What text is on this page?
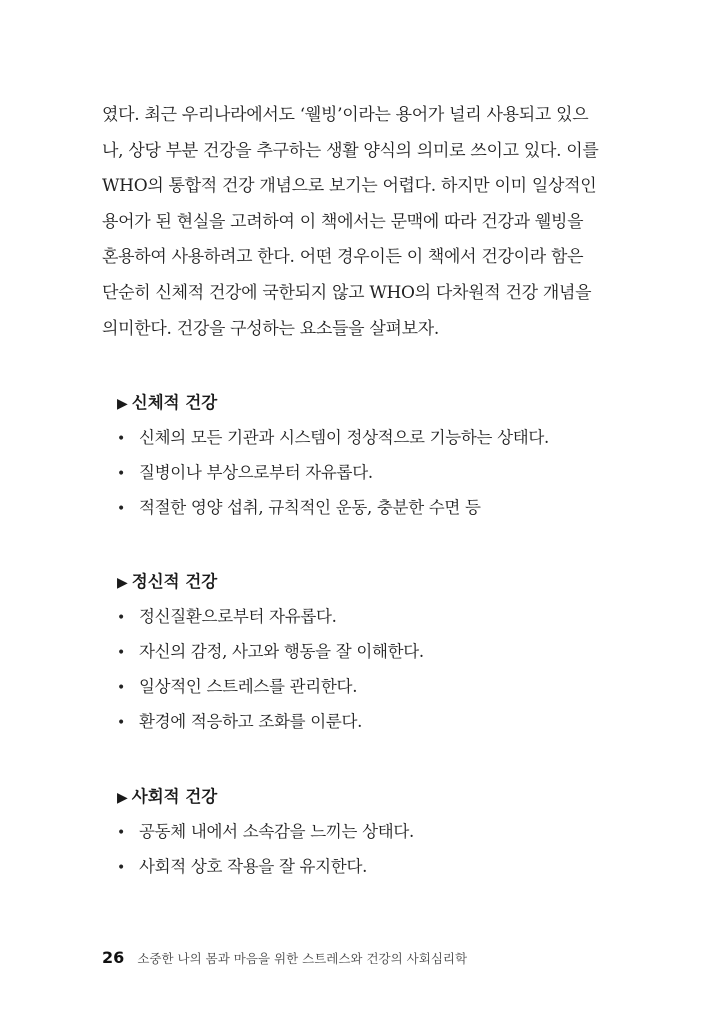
였다. 최근 우리나라에서도 ‘웰빙’이라는 용어가 널리 사용되고 있으
나, 상당 부분 건강을 추구하는 생활 양식의 의미로 쓰이고 있다. 이를
WHO의 통합적 건강 개념으로 보기는 어렵다. 하지만 이미 일상적인
용어가 된 현실을 고려하여 이 책에서는 문맥에 따라 건강과 웰빙을
혼용하여 사용하려고 한다. 어떤 경우이든 이 책에서 건강이라 함은
단순히 신체적 건강에 국한되지 않고 WHO의 다차원적 건강 개념을
의미한다. 건강을 구성하는 요소들을 살펴보자.
▶ 신체적 건강
• 신체의 모든 기관과 시스템이 정상적으로 기능하는 상태다.
• 질병이나 부상으로부터 자유롭다.
• 적절한 영양 섭취, 규칙적인 운동, 충분한 수면 등
▶ 정신적 건강
• 정신질환으로부터 자유롭다.
• 자신의 감정, 사고와 행동을 잘 이해한다.
• 일상적인 스트레스를 관리한다.
• 환경에 적응하고 조화를 이룬다.
▶ 사회적 건강
• 공동체 내에서 소속감을 느끼는 상태다.
• 사회적 상호 작용을 잘 유지한다.
26 소중한 나의 몸과 마음을 위한 스트레스와 건강의 사회심리학
